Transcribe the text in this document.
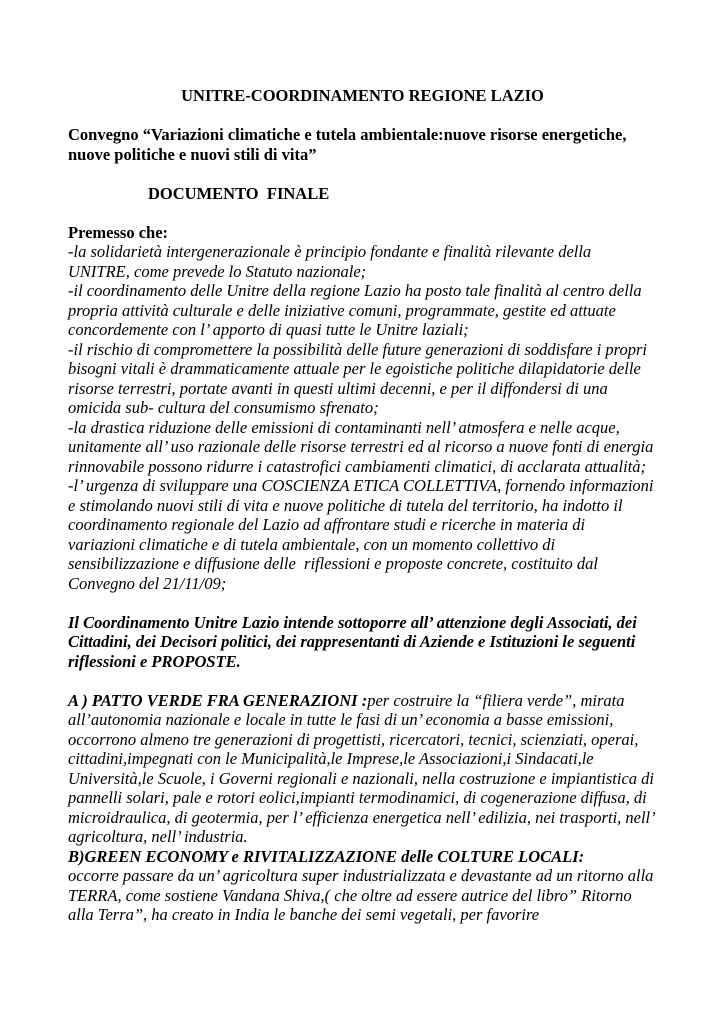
UNITRE-COORDINAMENTO REGIONE LAZIO
Convegno “Variazioni climatiche e tutela ambientale:nuove risorse energetiche, nuove politiche e nuovi stili di vita”
DOCUMENTO  FINALE
Premesso che:
-la solidarietà intergenerazionale è principio fondante e finalità rilevante della UNITRE, come prevede lo Statuto nazionale;
-il coordinamento delle Unitre della regione Lazio ha posto tale finalità al centro della propria attività culturale e delle iniziative comuni, programmate, gestite ed attuate concordemente con l’ apporto di quasi tutte le Unitre laziali;
-il rischio di compromettere la possibilità delle future generazioni di soddisfare i propri bisogni vitali è drammaticamente attuale per le egoistiche politiche dilapidatorie delle risorse terrestri, portate avanti in questi ultimi decenni, e per il diffondersi di una omicida sub- cultura del consumismo sfrenato;
-la drastica riduzione delle emissioni di contaminanti nell’ atmosfera e nelle acque, unitamente all’ uso razionale delle risorse terrestri ed al ricorso a nuove fonti di energia rinnovabile possono ridurre i catastrofici cambiamenti climatici, di acclarata attualità;
-l’ urgenza di sviluppare una COSCIENZA ETICA COLLETTIVA, fornendo informazioni e stimolando nuovi stili di vita e nuove politiche di tutela del territorio, ha indotto il coordinamento regionale del Lazio ad affrontare studi e ricerche in materia di  variazioni climatiche e di tutela ambientale, con un momento collettivo di sensibilizzazione e diffusione delle  riflessioni e proposte concrete, costituito dal Convegno del 21/11/09;
Il Coordinamento Unitre Lazio intende sottoporre all’ attenzione degli Associati, dei Cittadini, dei Decisori politici, dei rappresentanti di Aziende e Istituzioni le seguenti riflessioni e PROPOSTE.
A ) PATTO VERDE FRA GENERAZIONI :per costruire la “filiera verde”, mirata all’autonomia nazionale e locale in tutte le fasi di un’ economia a basse emissioni, occorrono almeno tre generazioni di progettisti, ricercatori, tecnici, scienziati, operai, cittadini,impegnati con le Municipalità,le Imprese,le Associazioni,i Sindacati,le Università,le Scuole, i Governi regionali e nazionali, nella costruzione e impiantistica di pannelli solari, pale e rotori eolici,impianti termodinamici, di cogenerazione diffusa, di microidraulica, di geotermia, per l’ efficienza energetica nell’ edilizia, nei trasporti, nell’ agricoltura, nell’ industria.
B)GREEN ECONOMY e RIVITALIZZAZIONE delle COLTURE LOCALI:
occorre passare da un’ agricoltura super industrializzata e devastante ad un ritorno alla TERRA, come sostiene Vandana Shiva,( che oltre ad essere autrice del libro” Ritorno alla Terra”, ha creato in India le banche dei semi vegetali, per favorire
